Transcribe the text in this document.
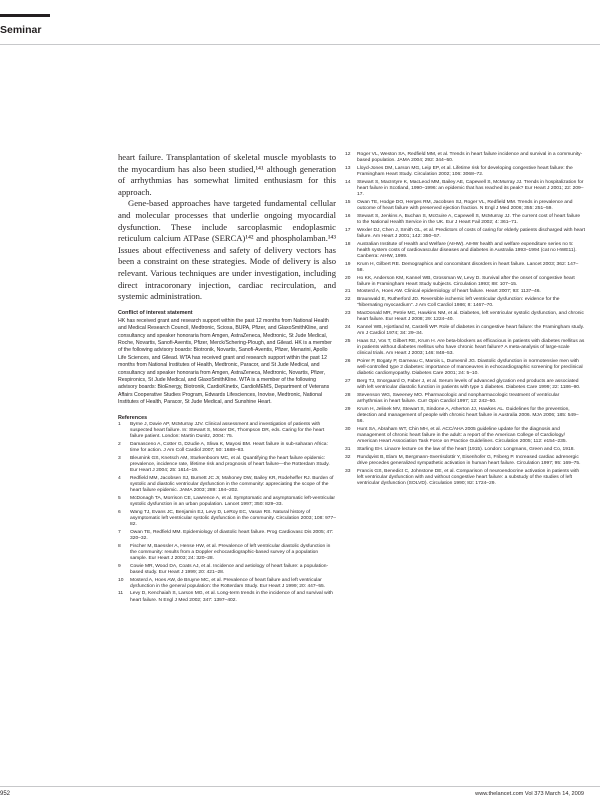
Seminar

heart failure. Transplantation of skeletal muscle myoblasts to the myocardium has also been studied,¹⁴¹ although generation of arrhythmias has somewhat limited enthusiasm for this approach.

Gene-based approaches have targeted fundamental cellular and molecular processes that underlie ongoing myocardial dysfunction. These include sarcoplasmic endoplasmic reticulum calcium ATPase (SERCA)¹⁴² and phospholamban.¹⁴³ Issues about effectiveness and safety of delivery vectors has been a constraint on these strategies. Mode of delivery is also relevant. Various techniques are under investigation, including direct intracoronary injection, cardiac recirculation, and systemic administration.

Conflict of interest statement
HK has received grant and research support within the past 12 months from National Health and Medical Research Council, Medtronic, Sciosa, BUPA, Pfizer, and GlaxoSmithKline, and consultancy and speaker honoraria from Amgen, AstraZeneca, Medtronic, St Jude Medical, Roche, Novartis, Sanofi-Aventis, Pfizer, Merck/Schering-Plough, and Gilead. HK is a member of the following advisory boards: Biotronik, Novartis, Sanofi-Aventis, Pfizer, Menarini, Apollo Life Sciences, and Gilead. WTA has received grant and research support within the past 12 months from National Institutes of Health, Medtronic, Paracor, and St Jude Medical, and consultancy and speaker honoraria from Amgen, AstraZeneca, Medtronic, Novartis, Pfizer, Respironics, St Jude Medical, and GlaxoSmithKline. WTA is a member of the following advisory boards: BioEnergy, Biotronik, CardioKinetix, CardioMEMS, Department of Veterans Affairs Cooperative Studies Program, Edwards Lifesciences, Inovise, Medtronic, National Institutes of Health, Paracor, St Jude Medical, and Sunshine Heart.
References
1	Byrne J, Davie AP, McMurray JJV. Clinical assessment and investigation of patients with suspected heart failure. In: Stewart S, Moser DK, Thompson DR, eds. Caring for the heart failure patient. London: Martin Dunitz, 2004: 75.
2	Damasceno A, Cotter G, Dzudie A, Sliwa K, Mayosi BM. Heart failure in sub-saharan Africa: time for action. J Am Coll Cardiol 2007; 50: 1688–93.
3	Bleumink GS, Knetsch AM, Sturkenboom MC, et al. Quantifying the heart failure epidemic: prevalence, incidence rate, lifetime risk and prognosis of heart failure—the Rotterdam Study. Eur Heart J 2004; 25: 1614–19.
4	Redfield MM, Jacobsen SJ, Burnett JC Jr, Mahoney DW, Bailey KR, Rodeheffer RJ. Burden of systolic and diastolic ventricular dysfunction in the community: appreciating the scope of the heart failure epidemic. JAMA 2003; 289: 194–202.
5	McDonagh TA, Morrison CE, Lawrence A, et al. Symptomatic and asymptomatic left-ventricular systolic dysfunction in an urban population. Lancet 1997; 350: 829–33.
6	Wang TJ, Evans JC, Benjamin EJ, Levy D, LeRoy EC, Vasan RS. Natural history of asymptomatic left ventricular systolic dysfunction in the community. Circulation 2003; 108: 977–82.
7	Owan TE, Redfield MM. Epidemiology of diastolic heart failure. Prog Cardiovasc Dis 2005; 47: 320–32.
8	Fischer M, Baessler A, Hense HW, et al. Prevalence of left ventricular diastolic dysfunction in the community: results from a Doppler echocardiographic-based survey of a population sample. Eur Heart J 2003; 24: 320–28.
9	Cowie MR, Wood DA, Coats AJ, et al. Incidence and aetiology of heart failure: a population-based study. Eur Heart J 1999; 20: 421–28.
10	Mosterd A, Hoes AW, de Bruyne MC, et al. Prevalence of heart failure and left ventricular dysfunction in the general population: the Rotterdam Study. Eur Heart J 1999; 20: 447–55.
11	Levy D, Kenchaiah S, Larson MG, et al. Long-term trends in the incidence of and survival with heart failure. N Engl J Med 2002; 347: 1397–402.
12	Roger VL, Weston SA, Redfield MM, et al. Trends in heart failure incidence and survival in a community-based population. JAMA 2004; 292: 344–50.
13	Lloyd-Jones DM, Larson MG, Leip EP, et al. Lifetime risk for developing congestive heart failure: the Framingham Heart Study. Circulation 2002; 106: 3068–72.
14	Stewart S, MacIntyre K, MacLeod MM, Bailey AE, Capewell S, McMurray JJ. Trends in hospitalization for heart failure in Scotland, 1990–1996: an epidemic that has reached its peak? Eur Heart J 2001; 22: 209–17.
15	Owan TE, Hodge DO, Herges RM, Jacobsen SJ, Roger VL, Redfield MM. Trends in prevalence and outcome of heart failure with preserved ejection fraction. N Engl J Med 2006; 355: 251–59.
16	Stewart S, Jenkins A, Buchan S, McGuire A, Capewell S, McMurray JJ. The current cost of heart failure to the National Health Service in the UK. Eur J Heart Fail 2002; 4: 361–71.
17	Wexler DJ, Chen J, Smith GL, et al. Predictors of costs of caring for elderly patients discharged with heart failure. Am Heart J 2001; 142: 350–57.
18	Australian Institute of Health and Welfare (AIHW). AIHW health and welfare expenditure series no 5: health system costs of cardiovascular diseases and diabetes in Australia 1993–1994 (cat no HWE11). Canberra: AIHW, 1999.
19	Krum H, Gilbert RE. Demographics and concomitant disorders in heart failure. Lancet 2003; 362: 147–58.
20	Ho KK, Anderson KM, Kannel WB, Grossman W, Levy D. Survival after the onset of congestive heart failure in Framingham Heart Study subjects. Circulation 1993; 88: 107–15.
21	Mosterd A, Hoes AW. Clinical epidemiology of heart failure. Heart 2007; 93: 1137–46.
22	Braunwald E, Rutherford JD. Reversible ischemic left ventricular dysfunction: evidence for the “hibernating myocardium”. J Am Coll Cardiol 1986; 8: 1467–70.
23	MacDonald MR, Petrie MC, Hawkins NM, et al. Diabetes, left ventricular systolic dysfunction, and chronic heart failure. Eur Heart J 2008; 29: 1224–40.
24	Kannel WB, Hjortland M, Castelli WP. Role of diabetes in congestive heart failure: the Framingham study. Am J Cardiol 1974; 34: 29–34.
25	Haas SJ, Vos T, Gilbert RE, Krum H. Are beta-blockers as efficacious in patients with diabetes mellitus as in patients without diabetes mellitus who have chronic heart failure? A meta-analysis of large-scale clinical trials. Am Heart J 2003; 146: 848–53.
26	Poirer P, Bogaty P, Garneau C, Marois L, Dumesnil JG. Diastolic dysfunction in normotensive men with well-controlled type 2 diabetes: importance of manoeuvres in echocardiographic screening for preclinical diabetic cardiomyopathy. Diabetes Care 2001; 24: 5–10.
27	Berg TJ, Snorgaard O, Faber J, et al. Serum levels of advanced glycation end products are associated with left ventricular diastolic function in patients with type 1 diabetes. Diabetes Care 1999; 22: 1186–90.
28	Stevenson WG, Sweeney MO. Pharmacologic and nonpharmacologic treatment of ventricular arrhythmias in heart failure. Curr Opin Cardiol 1997; 12: 242–50.
29	Krum H, Jelinek MV, Stewart S, Sindone A, Atherton JJ, Hawkes AL. Guidelines for the prevention, detection and management of people with chronic heart failure in Australia 2006. MJA 2006; 185: 549–56.
30	Hunt SA, Abraham WT, Chin MH, et al. ACC/AHA 2005 guideline update for the diagnosis and management of chronic heart failure in the adult: a report of the American College of Cardiology/ American Heart Association Task Force on Practice Guidelines. Circulation 2005; 112: e154–235.
31	Starling EH. Linacre lecture on the law of the heart (1915). London: Longmans, Green and Co, 1918.
32	Rundqvist B, Elam M, Bergmann-Sverrisdottir Y, Eisenhofer G, Friberg P. Increased cardiac adrenergic drive precedes generalized sympathetic activation in human heart failure. Circulation 1997; 95: 169–75.
33	Francis GS, Benedict C, Johnstone DE, et al. Comparison of neuroendocrine activation in patients with left ventricular dysfunction with and without congestive heart failure: a substudy of the studies of left ventricular dysfunction (SOLVD). Circulation 1990; 82: 1724–29.
952	www.thelancet.com Vol 373 March 14, 2009
